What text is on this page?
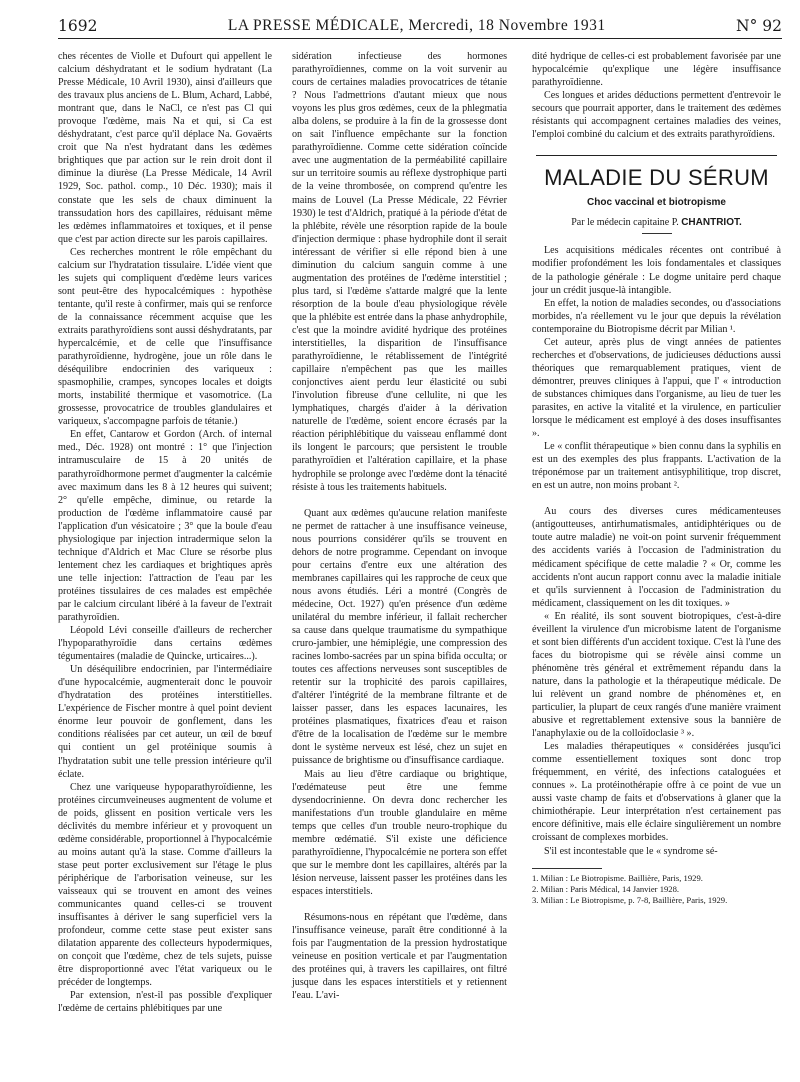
1692	LA PRESSE MÉDICALE, Mercredi, 18 Novembre 1931	N° 92

ches récentes de Violle et Dufourt qui appellent le calcium déshydratant et le sodium hydratant (La Presse Médicale, 10 Avril 1930), ainsi d'ailleurs que des travaux plus anciens de L. Blum, Achard, Labbé, montrant que, dans le NaCl, ce n'est pas Cl qui provoque l'œdème, mais Na et qui, si Ca est déshydratant, c'est parce qu'il déplace Na. Govaërts croit que Na n'est hydratant dans les œdèmes brightiques que par action sur le rein droit dont il diminue la diurèse (La Presse Médicale, 14 Avril 1929, Soc. pathol. comp., 10 Déc. 1930); mais il constate que les sels de chaux diminuent la transsudation hors des capillaires, réduisant même les œdèmes inflammatoires et toxiques, et il pense que c'est par action directe sur les parois capillaires.

Ces recherches montrent le rôle empêchant du calcium sur l'hydratation tissulaire. L'idée vient que les sujets qui compliquent d'œdème leurs varices sont peut-être des hypocalcémiques : hypothèse tentante, qu'il reste à confirmer, mais qui se renforce de la connaissance récemment acquise que les extraits parathyroïdiens sont aussi déshydratants, par hypercalcémie, et de celle que l'insuffisance parathyroïdienne, hydrogène, joue un rôle dans le déséquilibre endocrinien des variqueux : spasmophilie, crampes, syncopes locales et doigts morts, instabilité thermique et vasomotrice. (La grossesse, provocatrice de troubles glandulaires et variqueux, s'accompagne parfois de tétanie.)

En effet, Cantarow et Gordon (Arch. of internal med., Déc. 1928) ont montré : 1° que l'injection intramusculaire de 15 à 20 unités de parathyroïdhormone permet d'augmenter la calcémie avec maximum dans les 8 à 12 heures qui suivent; 2° qu'elle empêche, diminue, ou retarde la production de l'œdème inflammatoire causé par l'application d'un vésicatoire ; 3° que la boule d'eau physiologique par injection intradermique selon la technique d'Aldrich et Mac Clure se résorbe plus lentement chez les cardiaques et brightiques après une telle injection: l'attraction de l'eau par les protéines tissulaires de ces malades est empêchée par le calcium circulant libéré à la faveur de l'extrait parathyroïdien.

Léopold Lévi conseille d'ailleurs de rechercher l'hypoparathyroïdie dans certains œdèmes tégumentaires (maladie de Quincke, urticaires...).

Un déséquilibre endocrinien, par l'intermédiaire d'une hypocalcémie, augmenterait donc le pouvoir d'hydratation des protéines interstitielles. L'expérience de Fischer montre à quel point devient énorme leur pouvoir de gonflement, dans les conditions réalisées par cet auteur, un œil de bœuf qui contient un gel protéinique soumis à l'hydratation subit une telle pression intérieure qu'il éclate.

Chez une variqueuse hypoparathyroïdienne, les protéines circumveineuses augmentent de volume et de poids, glissent en position verticale vers les déclivités du membre inférieur et y provoquent un œdème considérable, proportionnel à l'hypocalcémie au moins autant qu'à la stase. Comme d'ailleurs la stase peut porter exclusivement sur l'étage le plus périphérique de l'arborisation veineuse, sur les vaisseaux qui se trouvent en amont des veines communicantes quand celles-ci se trouvent insuffisantes à dériver le sang superficiel vers la profondeur, comme cette stase peut exister sans dilatation apparente des collecteurs hypodermiques, on conçoit que l'œdème, chez de tels sujets, puisse être disproportionné avec l'état variqueux ou le précéder de longtemps.

Par extension, n'est-il pas possible d'expliquer l'œdème de certains phlébitiques par une

sidération infectieuse des hormones parathyroïdiennes, comme on la voit survenir au cours de certaines maladies provocatrices de tétanie ? Nous l'admettrions d'autant mieux que nous voyons les plus gros œdèmes, ceux de la phlegmatia alba dolens, se produire à la fin de la grossesse dont on sait l'influence empêchante sur la fonction parathyroïdienne. Comme cette sidération coïncide avec une augmentation de la perméabilité capillaire sur un territoire soumis au réflexe dystrophique parti de la veine thrombosée, on comprend qu'entre les mains de Louvel (La Presse Médicale, 22 Février 1930) le test d'Aldrich, pratiqué à la période d'état de la phlébite, révèle une résorption rapide de la boule d'injection dermique : phase hydrophile dont il serait intéressant de vérifier si elle répond bien à une diminution du calcium sanguin comme à une augmentation des protéines de l'œdème interstitiel ; plus tard, si l'œdème s'attarde malgré que la lente résorption de la boule d'eau physiologique révèle que la phlébite est entrée dans la phase anhydrophile, c'est que la moindre avidité hydrique des protéines interstitielles, la disparition de l'insuffisance parathyroïdienne, le rétablissement de l'intégrité capillaire n'empêchent pas que les mailles conjonctives aient perdu leur élasticité ou subi l'involution fibreuse d'une cellulite, ni que les lymphatiques, chargés d'aider à la dérivation naturelle de l'œdème, soient encore écrasés par la réaction périphlébitique du vaisseau enflammé dont ils longent le parcours; que persistent le trouble parathyroïdien et l'altération capillaire, et la phase hydrophile se prolonge avec l'œdème dont la ténacité résiste à tous les traitements habituels.

Quant aux œdèmes qu'aucune relation manifeste ne permet de rattacher à une insuffisance veineuse, nous pourrions considérer qu'ils se trouvent en dehors de notre programme. Cependant on invoque pour certains d'entre eux une altération des membranes capillaires qui les rapproche de ceux que nous avons étudiés. Léri a montré (Congrès de médecine, Oct. 1927) qu'en présence d'un œdème unilatéral du membre inférieur, il fallait rechercher sa cause dans quelque traumatisme du sympathique cruro-jambier, une hémiplégie, une compression des racines lombo-sacrées par un spina bifida occulta; or toutes ces affections nerveuses sont susceptibles de retentir sur la trophicité des parois capillaires, d'altérer l'intégrité de la membrane filtrante et de laisser passer, dans les espaces lacunaires, les protéines plasmatiques, fixatrices d'eau et raison d'être de la localisation de l'œdème sur le membre dont le système nerveux est lésé, chez un sujet en puissance de brightisme ou d'insuffisance cardiaque.

Mais au lieu d'être cardiaque ou brightique, l'œdémateuse peut être une femme dysendocrinienne. On devra donc rechercher les manifestations d'un trouble glandulaire en même temps que celles d'un trouble neuro-trophique du membre œdématié. S'il existe une déficience parathyroïdienne, l'hypocalcémie ne portera son effet que sur le membre dont les capillaires, altérés par la lésion nerveuse, laissent passer les protéines dans les espaces interstitiels.

Résumons-nous en répétant que l'œdème, dans l'insuffisance veineuse, paraît être conditionné à la fois par l'augmentation de la pression hydrostatique veineuse en position verticale et par l'augmentation des protéines qui, à travers les capillaires, ont filtré jusque dans les espaces interstitiels et y retiennent l'eau. L'avi-

dité hydrique de celles-ci est probablement favorisée par une hypocalcémie qu'explique une légère insuffisance parathyroïdienne.

Ces longues et arides déductions permettent d'entrevoir le secours que pourrait apporter, dans le traitement des œdèmes résistants qui accompagnent certaines maladies des veines, l'emploi combiné du calcium et des extraits parathyroïdiens.

MALADIE DU SÉRUM
Choc vaccinal et biotropisme
Par le médecin capitaine P. CHANTRIOT.

Les acquisitions médicales récentes ont contribué à modifier profondément les lois fondamentales et classiques de la pathologie générale : Le dogme unitaire perd chaque jour un crédit jusque-là intangible.

En effet, la notion de maladies secondes, ou d'associations morbides, n'a réellement vu le jour que depuis la révélation contemporaine du Biotropisme décrit par Milian ¹.

Cet auteur, après plus de vingt années de patientes recherches et d'observations, de judicieuses déductions aussi théoriques que remarquablement pratiques, vient de démontrer, preuves cliniques à l'appui, que l' « introduction de substances chimiques dans l'organisme, au lieu de tuer les parasites, en active la vitalité et la virulence, en particulier lorsque le médicament est employé à des doses insuffisantes ».

Le « conflit thérapeutique » bien connu dans la syphilis en est un des exemples des plus frappants. L'activation de la tréponémose par un traitement antisyphilitique, trop discret, en est un autre, non moins probant ².

Au cours des diverses cures médicamenteuses (antigoutteuses, antirhumatismales, antidiphtériques ou de toute autre maladie) ne voit-on point survenir fréquemment des accidents variés à l'occasion de l'administration du médicament spécifique de cette maladie ? « Or, comme les accidents n'ont aucun rapport connu avec la maladie initiale et qu'ils surviennent à l'occasion de l'administration du médicament, classiquement on les dit toxiques. »

« En réalité, ils sont souvent biotropiques, c'est-à-dire éveillent la virulence d'un microbisme latent de l'organisme et sont bien différents d'un accident toxique. C'est là l'une des faces du biotropisme qui se révèle ainsi comme un phénomène très général et extrêmement répandu dans la nature, dans la pathologie et la thérapeutique médicale. De lui relèvent un grand nombre de phénomènes et, en particulier, la plupart de ceux rangés d'une manière vraiment abusive et regrettablement extensive sous la bannière de l'anaphylaxie ou de la colloïdoclasie ³ ».

Les maladies thérapeutiques « considérées jusqu'ici comme essentiellement toxiques sont donc trop fréquemment, en vérité, des infections cataloguées et connues ». La protéinothérapie offre à ce point de vue un aussi vaste champ de faits et d'observations à glaner que la chimiothérapie. Leur interprétation n'est certainement pas encore définitive, mais elle éclaire singulièrement un nombre croissant de complexes morbides.

S'il est incontestable que le « syndrome sé-

1. Milian : Le Biotropisme. Baillière, Paris, 1929.

2. Milian : Paris Médical, 14 Janvier 1928.

3. Milian : Le Biotropisme, p. 7-8, Baillière, Paris, 1929.
